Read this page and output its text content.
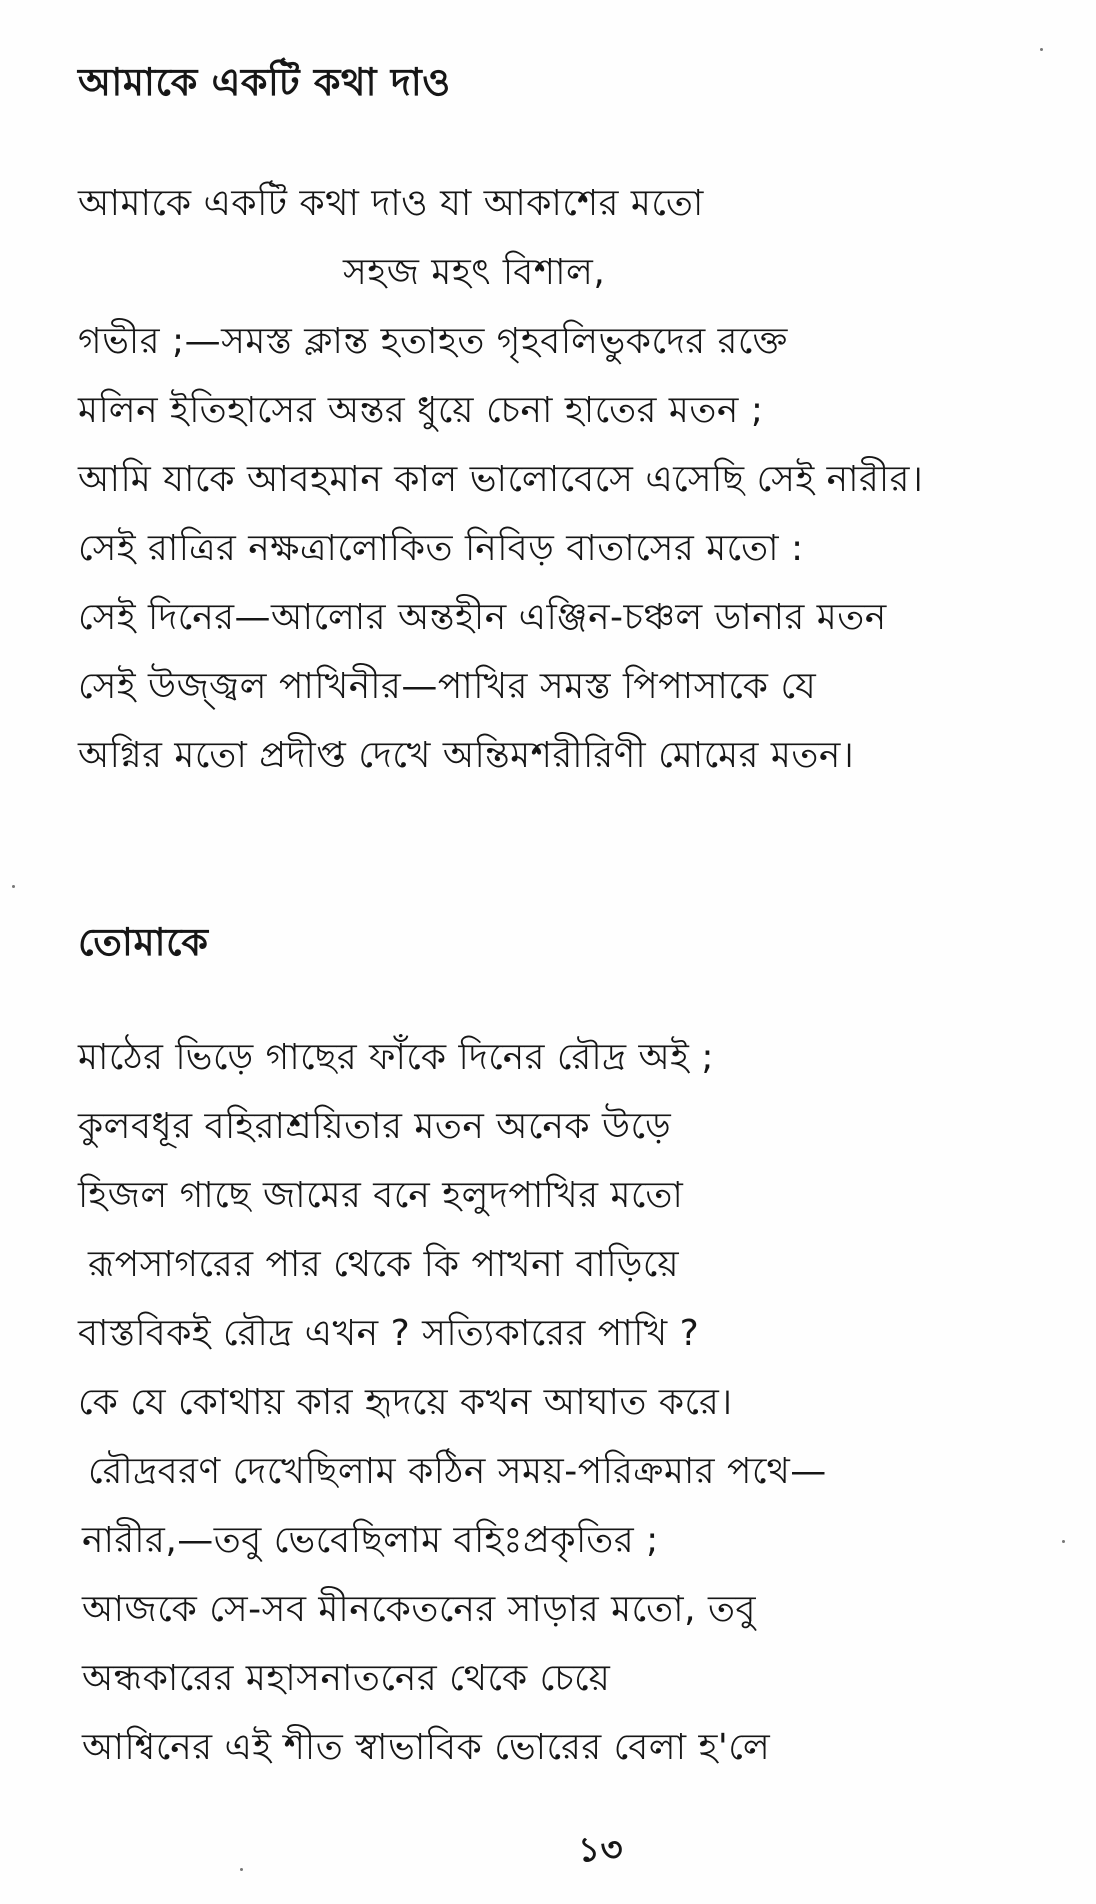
আমাকে একটি কথা দাও
আমাকে একটি কথা দাও যা আকাশের মতো
সহজ মহৎ বিশাল,
গভীর ;—সমস্ত ক্লান্ত হতাহত গৃহবলিভুকদের রক্তে
মলিন ইতিহাসের অন্তর ধুয়ে চেনা হাতের মতন ;
আমি যাকে আবহমান কাল ভালোবেসে এসেছি সেই নারীর।
সেই রাত্রির নক্ষত্রালোকিত নিবিড় বাতাসের মতো :
সেই দিনের—আলোর অন্তহীন এঞ্জিন-চঞ্চল ডানার মতন
সেই উজ্জ্বল পাখিনীর—পাখির সমস্ত পিপাসাকে যে
অগ্নির মতো প্রদীপ্ত দেখে অন্তিমশরীরিণী মোমের মতন।
তোমাকে
মাঠের ভিড়ে গাছের ফাঁকে দিনের রৌদ্র অই ;
কুলবধূর বহিরাশ্রয়িতার মতন অনেক উড়ে
হিজল গাছে জামের বনে হলুদপাখির মতো
রূপসাগরের পার থেকে কি পাখনা বাড়িয়ে
বাস্তবিকই রৌদ্র এখন ? সত্যিকারের পাখি ?
কে যে কোথায় কার হৃদয়ে কখন আঘাত করে।
রৌদ্রবরণ দেখেছিলাম কঠিন সময়-পরিক্রমার পথে—
নারীর,—তবু ভেবেছিলাম বহিঃপ্রকৃতির ;
আজকে সে-সব মীনকেতনের সাড়ার মতো, তবু
অন্ধকারের মহাসনাতনের থেকে চেয়ে
আশ্বিনের এই শীত স্বাভাবিক ভোরের বেলা হ'লে
১৩
